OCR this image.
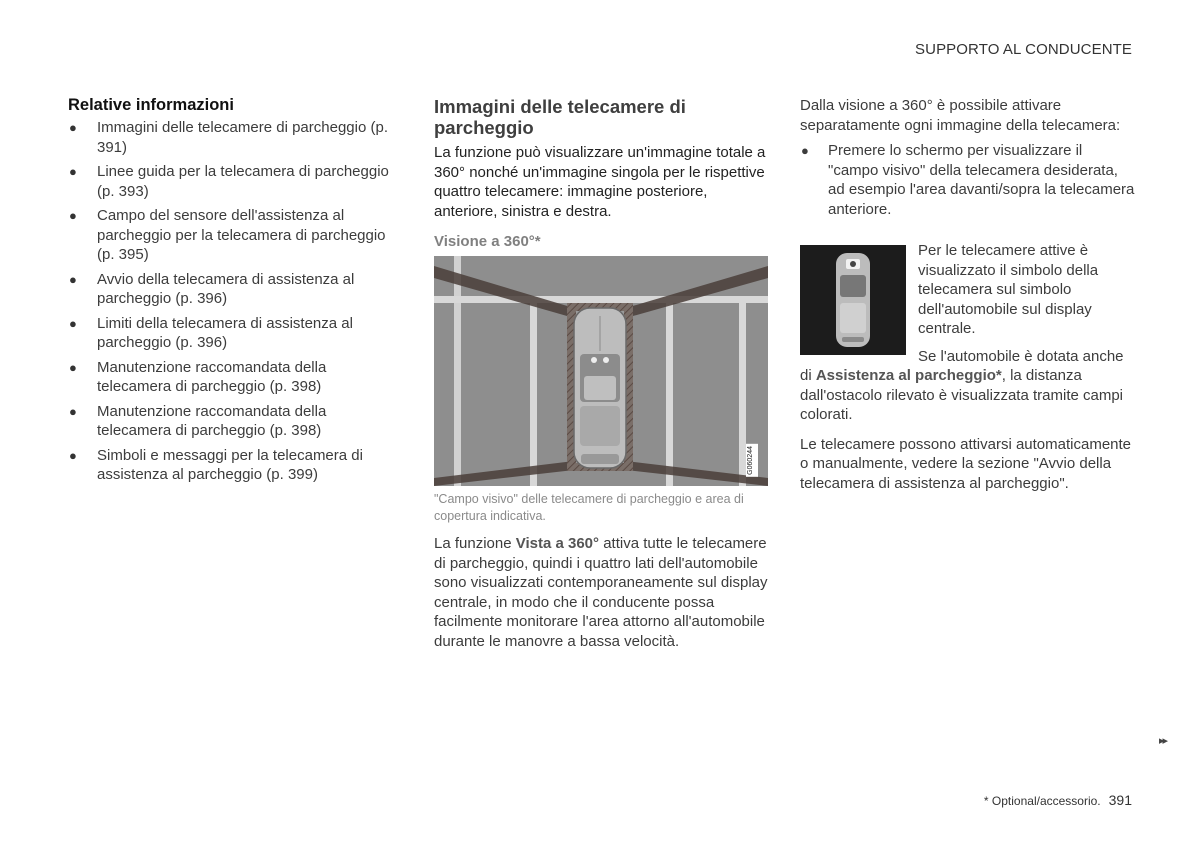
SUPPORTO AL CONDUCENTE
Relative informazioni
● Immagini delle telecamere di parcheggio (p. 391)
● Linee guida per la telecamera di parcheggio (p. 393)
● Campo del sensore dell'assistenza al parcheggio per la telecamera di parcheggio (p. 395)
● Avvio della telecamera di assistenza al parcheggio (p. 396)
● Limiti della telecamera di assistenza al parcheggio (p. 396)
● Manutenzione raccomandata della telecamera di parcheggio (p. 398)
● Manutenzione raccomandata della telecamera di parcheggio (p. 398)
● Simboli e messaggi per la telecamera di assistenza al parcheggio (p. 399)
Immagini delle telecamere di parcheggio

La funzione può visualizzare un'immagine totale a 360° nonché un'immagine singola per le rispettive quattro telecamere: immagine posteriore, anteriore, sinistra e destra.

Visione a 360°*
G060244
"Campo visivo" delle telecamere di parcheggio e area di copertura indicativa.

La funzione Vista a 360° attiva tutte le telecamere di parcheggio, quindi i quattro lati dell'automobile sono visualizzati contemporaneamente sul display centrale, in modo che il conducente possa facilmente monitorare l'area attorno all'automobile durante le manovre a bassa velocità.

Dalla visione a 360° è possibile attivare separatamente ogni immagine della telecamera:

● Premere lo schermo per visualizzare il "campo visivo" della telecamera desiderata, ad esempio l'area davanti/sopra la telecamera anteriore.

Per le telecamere attive è visualizzato il simbolo della telecamera sul simbolo dell'automobile sul display centrale.

Se l'automobile è dotata anche di Assistenza al parcheggio*, la distanza dall'ostacolo rilevato è visualizzata tramite campi colorati.

Le telecamere possono attivarsi automaticamente o manualmente, vedere la sezione "Avvio della telecamera di assistenza al parcheggio".

▸▸
* Optional/accessorio. 391
